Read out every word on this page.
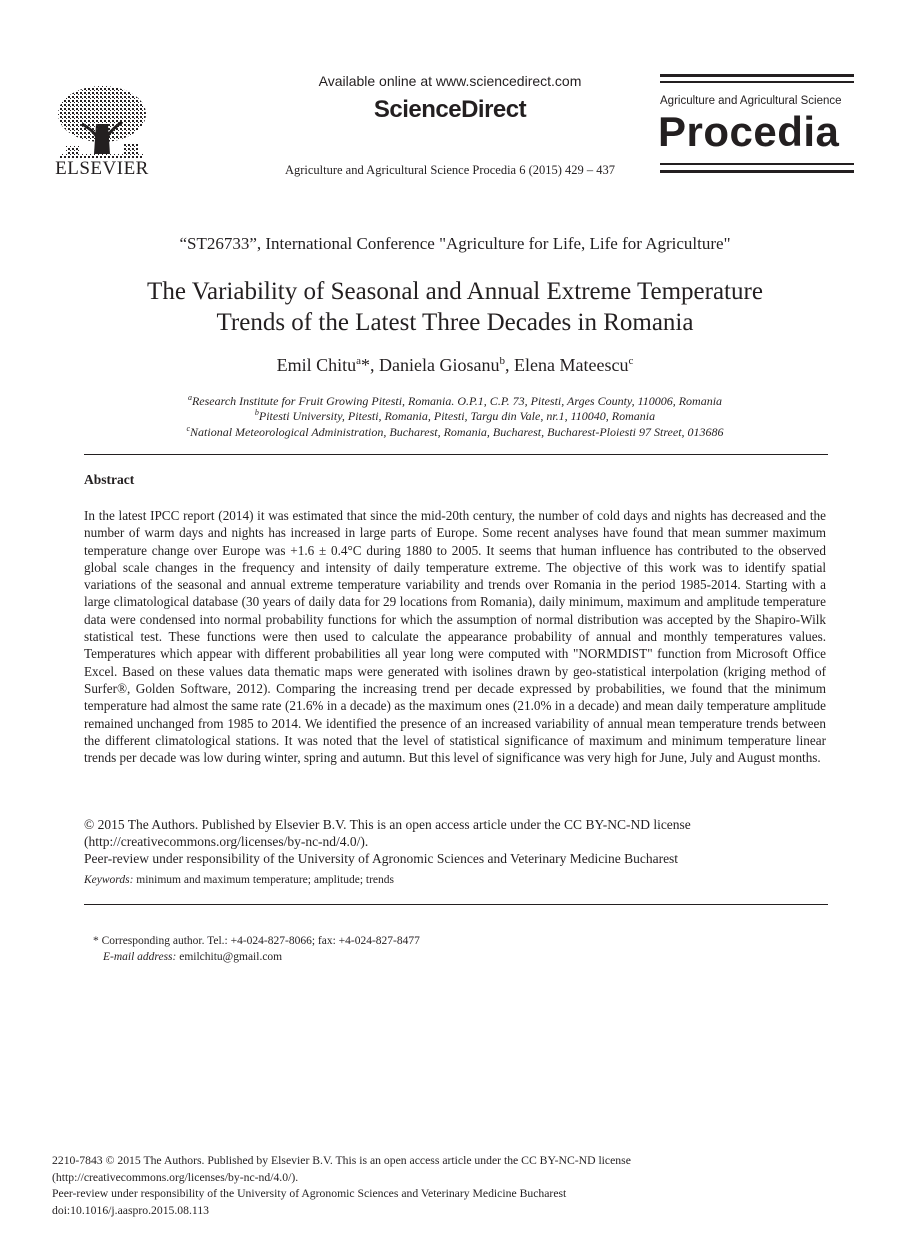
ELSEVIER
Available online at www.sciencedirect.com
ScienceDirect
Agriculture and Agricultural Science Procedia 6 (2015) 429 – 437
Agriculture and Agricultural Science
Procedia
“ST26733”, International Conference "Agriculture for Life, Life for Agriculture"
The Variability of Seasonal and Annual Extreme Temperature
Trends of the Latest Three Decades in Romania
Emil Chitu$^a$*, Daniela Giosanu$^b$, Elena Mateescu$^c$
$^a$Research Institute for Fruit Growing Pitesti, Romania. O.P.1, C.P. 73, Pitesti, Arges County, 110006, Romania
$^b$Pitesti University, Pitesti, Romania, Pitesti, Targu din Vale, nr.1, 110040, Romania
$^c$National Meteorological Administration, Bucharest, Romania, Bucharest, Bucharest-Ploiesti 97 Street, 013686
Abstract
In the latest IPCC report (2014) it was estimated that since the mid-20th century, the number of cold days and nights has decreased and the number of warm days and nights has increased in large parts of Europe. Some recent analyses have found that mean summer maximum temperature change over Europe was +1.6 ± 0.4°C during 1880 to 2005. It seems that human influence has contributed to the observed global scale changes in the frequency and intensity of daily temperature extreme. The objective of this work was to identify spatial variations of the seasonal and annual extreme temperature variability and trends over Romania in the period 1985-2014. Starting with a large climatological database (30 years of daily data for 29 locations from Romania), daily minimum, maximum and amplitude temperature data were condensed into normal probability functions for which the assumption of normal distribution was accepted by the Shapiro-Wilk statistical test. These functions were then used to calculate the appearance probability of annual and monthly temperatures values. Temperatures which appear with different probabilities all year long were computed with "NORMDIST" function from Microsoft Office Excel. Based on these values data thematic maps were generated with isolines drawn by geo-statistical interpolation (kriging method of Surfer®, Golden Software, 2012). Comparing the increasing trend per decade expressed by probabilities, we found that the minimum temperature had almost the same rate (21.6% in a decade) as the maximum ones (21.0% in a decade) and mean daily temperature amplitude remained unchanged from 1985 to 2014. We identified the presence of an increased variability of annual mean temperature trends between the different climatological stations. It was noted that the level of statistical significance of maximum and minimum temperature linear trends per decade was low during winter, spring and autumn. But this level of significance was very high for June, July and August months.
© 2015 The Authors. Published by Elsevier B.V. This is an open access article under the CC BY-NC-ND license
(http://creativecommons.org/licenses/by-nc-nd/4.0/).
Peer-review under responsibility of the University of Agronomic Sciences and Veterinary Medicine Bucharest
Keywords: minimum and maximum temperature; amplitude; trends
* Corresponding author. Tel.: +4-024-827-8066; fax: +4-024-827-8477
E-mail address: emilchitu@gmail.com
2210-7843 © 2015 The Authors. Published by Elsevier B.V. This is an open access article under the CC BY-NC-ND license
(http://creativecommons.org/licenses/by-nc-nd/4.0/).
Peer-review under responsibility of the University of Agronomic Sciences and Veterinary Medicine Bucharest
doi:10.1016/j.aaspro.2015.08.113
